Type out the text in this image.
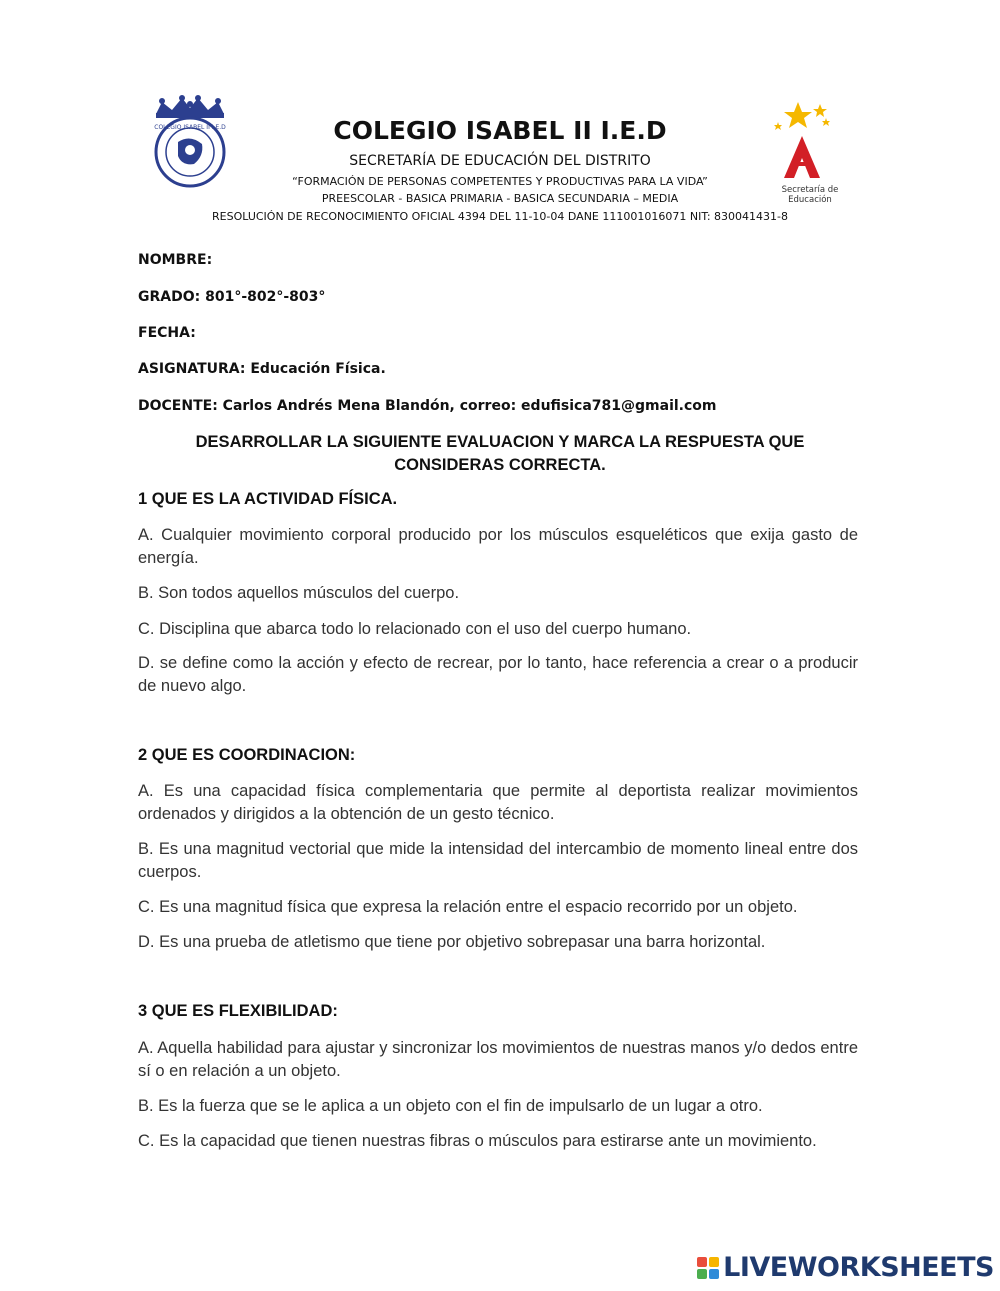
COLEGIO ISABEL II I.E.D
Secretaría de Educación
COLEGIO ISABEL II I.E.D
SECRETARÍA DE EDUCACIÓN DEL DISTRITO
“FORMACIÓN DE PERSONAS COMPETENTES Y PRODUCTIVAS PARA LA VIDA”
PREESCOLAR - BASICA PRIMARIA - BASICA SECUNDARIA – MEDIA
RESOLUCIÓN DE RECONOCIMIENTO OFICIAL 4394 DEL 11-10-04 DANE 111001016071 NIT: 830041431-8
NOMBRE:
GRADO: 801°-802°-803°
FECHA:
ASIGNATURA: Educación Física.
DOCENTE: Carlos Andrés Mena Blandón, correo: edufisica781@gmail.com
DESARROLLAR LA SIGUIENTE EVALUACION Y MARCA LA RESPUESTA QUE CONSIDERAS CORRECTA.
1 QUE ES LA ACTIVIDAD FÍSICA.
A. Cualquier movimiento corporal producido por los músculos esqueléticos que exija gasto de energía.
B. Son todos aquellos músculos del cuerpo.
C. Disciplina que abarca todo lo relacionado con el uso del cuerpo humano.
D. se define como la acción y efecto de recrear, por lo tanto, hace referencia a crear o a producir de nuevo algo.
2 QUE ES COORDINACION:
A. Es una capacidad física complementaria que permite al deportista realizar movimientos ordenados y dirigidos a la obtención de un gesto técnico.
B. Es una magnitud vectorial que mide la intensidad del intercambio de momento lineal entre dos cuerpos.
C. Es una magnitud física que expresa la relación entre el espacio recorrido por un objeto.
D. Es una prueba de atletismo que tiene por objetivo sobrepasar una barra horizontal.
3 QUE ES FLEXIBILIDAD:
A. Aquella habilidad para ajustar y sincronizar los movimientos de nuestras manos y/o dedos entre sí o en relación a un objeto.
B. Es la fuerza que se le aplica a un objeto con el fin de impulsarlo de un lugar a otro.
C. Es la capacidad que tienen nuestras fibras o músculos para estirarse ante un movimiento.
LIVEWORKSHEETS
